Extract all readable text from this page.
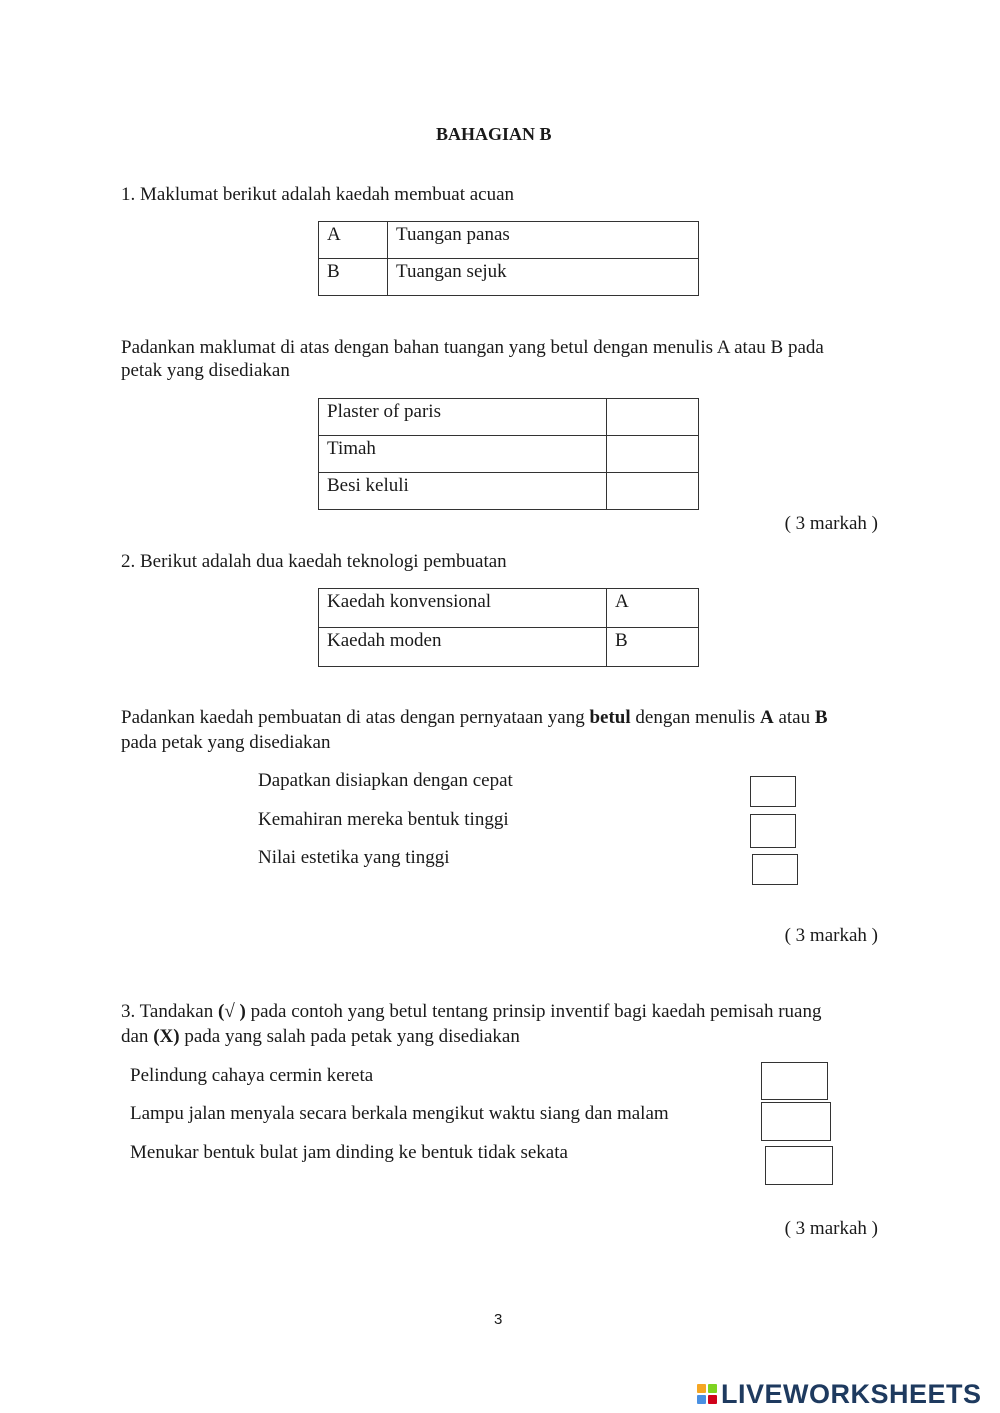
BAHAGIAN B
1. Maklumat berikut adalah kaedah membuat acuan
A	Tuangan panas
B	Tuangan sejuk
Padankan maklumat di atas dengan bahan tuangan yang betul dengan menulis A atau B pada
petak yang disediakan
Plaster of paris	
Timah	
Besi keluli	
( 3 markah )
2. Berikut adalah dua kaedah teknologi pembuatan
Kaedah konvensional	A
Kaedah moden	B
Padankan kaedah pembuatan di atas dengan pernyataan yang betul dengan menulis A atau B
pada petak yang disediakan
Dapatkan disiapkan dengan cepat
Kemahiran mereka bentuk tinggi
Nilai estetika yang tinggi
( 3 markah )
3. Tandakan (√ ) pada contoh yang betul tentang prinsip inventif bagi kaedah pemisah ruang
dan (X) pada yang salah pada petak yang disediakan
Pelindung cahaya cermin kereta
Lampu jalan menyala secara berkala mengikut waktu siang dan malam
Menukar bentuk bulat jam dinding ke bentuk tidak sekata
( 3 markah )
3
LIVEWORKSHEETS
